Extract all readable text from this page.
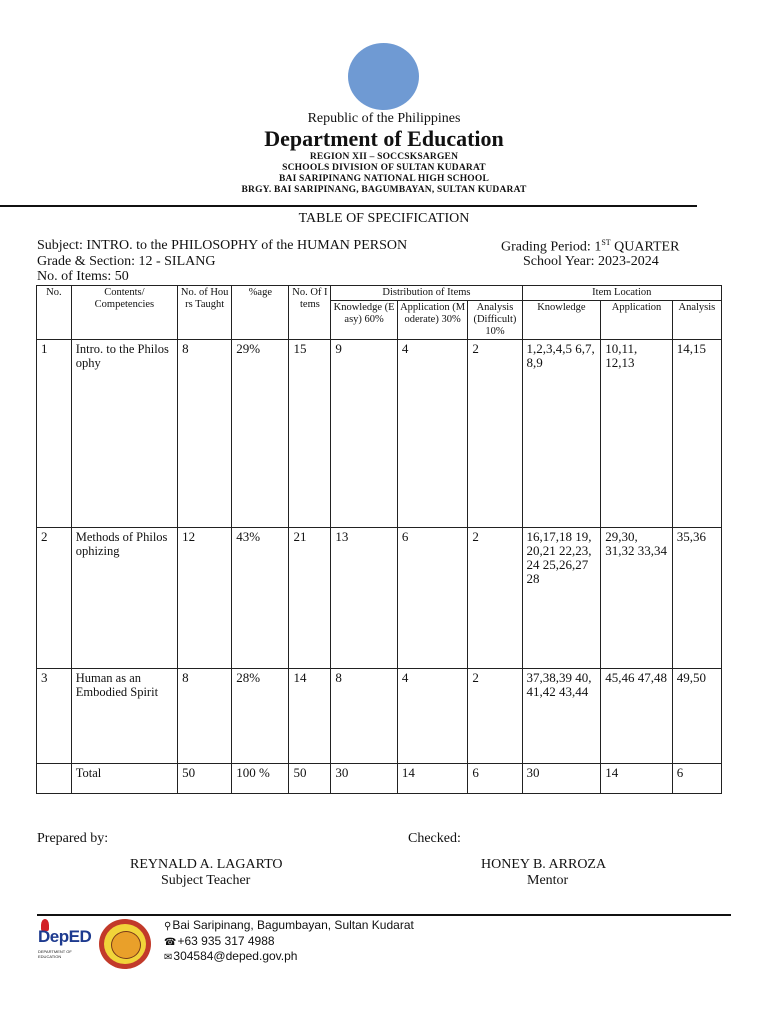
Republic of the Philippines
Department of Education
REGION XII – SOCCSKSARGEN
SCHOOLS DIVISION OF SULTAN KUDARAT
BAI SARIPINANG NATIONAL HIGH SCHOOL
BRGY. BAI SARIPINANG, BAGUMBAYAN, SULTAN KUDARAT
TABLE OF SPECIFICATION
Subject: INTRO. to the PHILOSOPHY of the HUMAN PERSON
Grade & Section: 12 - SILANG
No. of Items: 50
Grading Period: 1ST QUARTER
School Year: 2023-2024
No.	Contents/ Competencies	No. of Hours Taught	%age	No. Of Items	Distribution of Items			Item Location		
					Knowledge (Easy) 60%	Application (Moderate) 30%	Analysis (Difficult) 10%	Knowledge	Application	Analysis
1	Intro. to the Philosophy	8	29%	15	9	4	2	1,2,3,4,5 6,7,8,9	10,11, 12,13	14,15
2	Methods of Philosophizing	12	43%	21	13	6	2	16,17,18 19,20,21 22,23,24 25,26,27 28	29,30, 31,32 33,34	35,36
3	Human as an Embodied Spirit	8	28%	14	8	4	2	37,38,39 40,41,42 43,44	45,46 47,48	49,50
	Total	50	100 %	50	30	14	6	30	14	6
Prepared by:	Checked:
REYNALD A. LAGARTO
Subject Teacher
HONEY B. ARROZA
Mentor
DepED
DEPARTMENT OF EDUCATION
⚲Bai Saripinang, Bagumbayan, Sultan Kudarat
☎+63 935 317 4988
✉304584@deped.gov.ph
